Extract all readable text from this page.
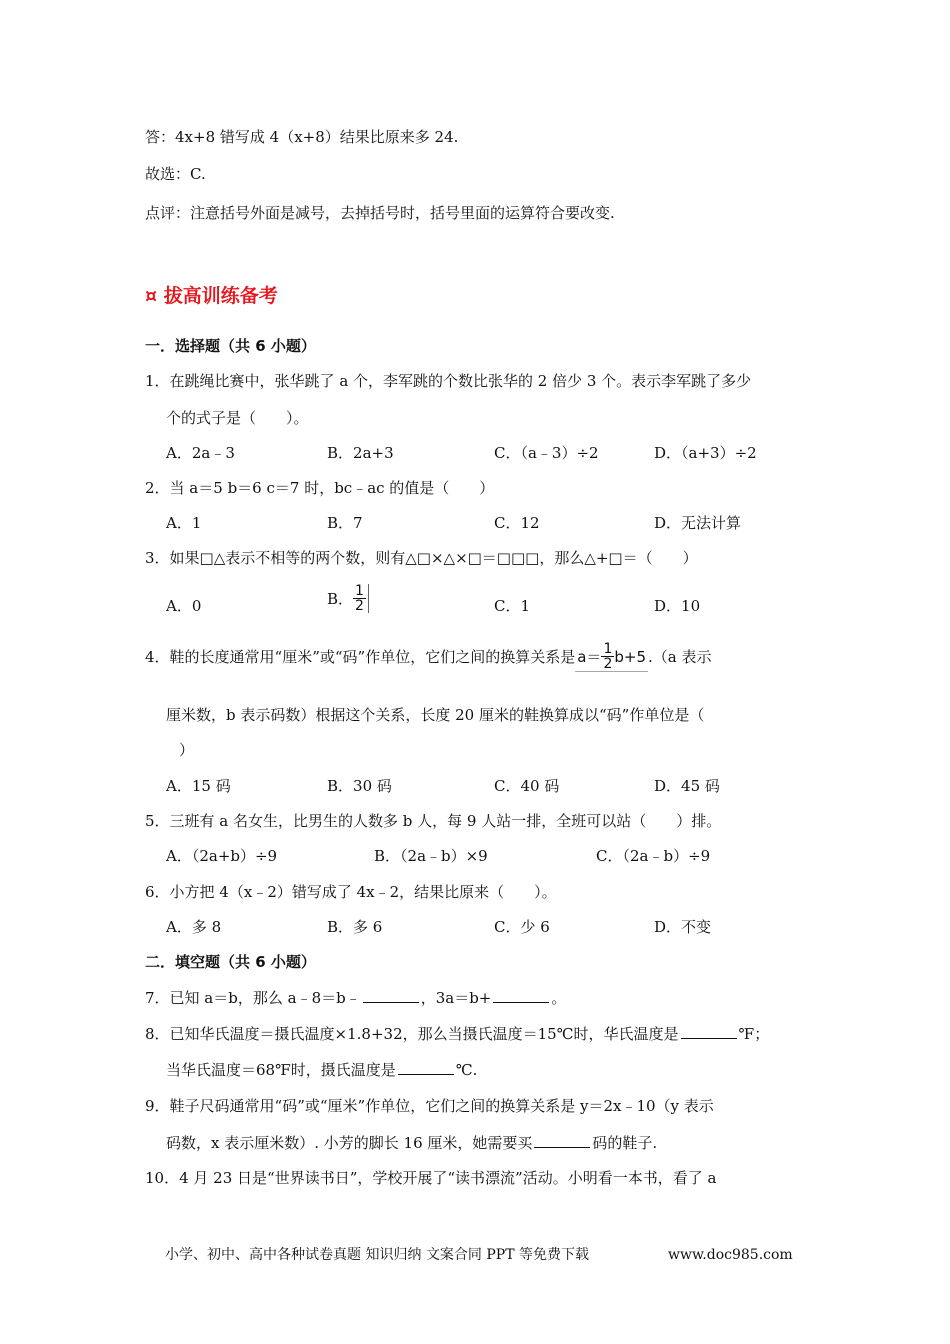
答：4x+8 错写成 4（x+8）结果比原来多 24.
故选：C.
点评：注意括号外面是减号，去掉括号时，括号里面的运算符合要改变.
¤ 拔高训练备考
一．选择题（共 6 小题）
1．在跳绳比赛中，张华跳了 a 个，李军跳的个数比张华的 2 倍少 3 个。表示李军跳了多少
个的式子是（　　）。
A．2a﹣3	B．2a+3	C．（a﹣3）÷2	D．（a+3）÷2
2．当 a＝5 b＝6 c＝7 时，bc﹣ac 的值是（　　）
A．1	B．7	C．12	D．无法计算
3．如果□△表示不相等的两个数，则有△□×△×□＝□□□，那么△+□＝（　　）
A．0	B． $\frac{1}{2}$	C．1	D．10
4．鞋的长度通常用“厘米”或“码”作单位，它们之间的换算关系是 $a= \frac{1}{2} b+5$ .（a 表示
厘米数，b 表示码数）根据这个关系，长度 20 厘米的鞋换算成以“码”作单位是（
）
A．15 码	B．30 码	C．40 码	D．45 码
5．三班有 a 名女生，比男生的人数多 b 人，每 9 人站一排，全班可以站（　　）排。
A．（2a+b）÷9	B．（2a﹣b）×9	C．（2a﹣b）÷9
6．小方把 4（x﹣2）错写成了 4x﹣2，结果比原来（　　）。
A．多 8	B．多 6	C．少 6	D．不变
二．填空题（共 6 小题）
7．已知 a＝b，那么 a﹣8＝b﹣	，3a＝b+	。
8．已知华氏温度＝摄氏温度×1.8+32，那么当摄氏温度＝15℃时，华氏温度是	℉；
当华氏温度＝68℉时，摄氏温度是	℃.
9．鞋子尺码通常用“码”或“厘米”作单位，它们之间的换算关系是 y＝2x﹣10（y 表示
码数，x 表示厘米数）. 小芳的脚长 16 厘米，她需要买	码的鞋子.
10．4 月 23 日是“世界读书日”，学校开展了“读书漂流”活动。小明看一本书，看了 a
小学、初中、高中各种试卷真题 知识归纳 文案合同 PPT 等免费下载	www.doc985.com
